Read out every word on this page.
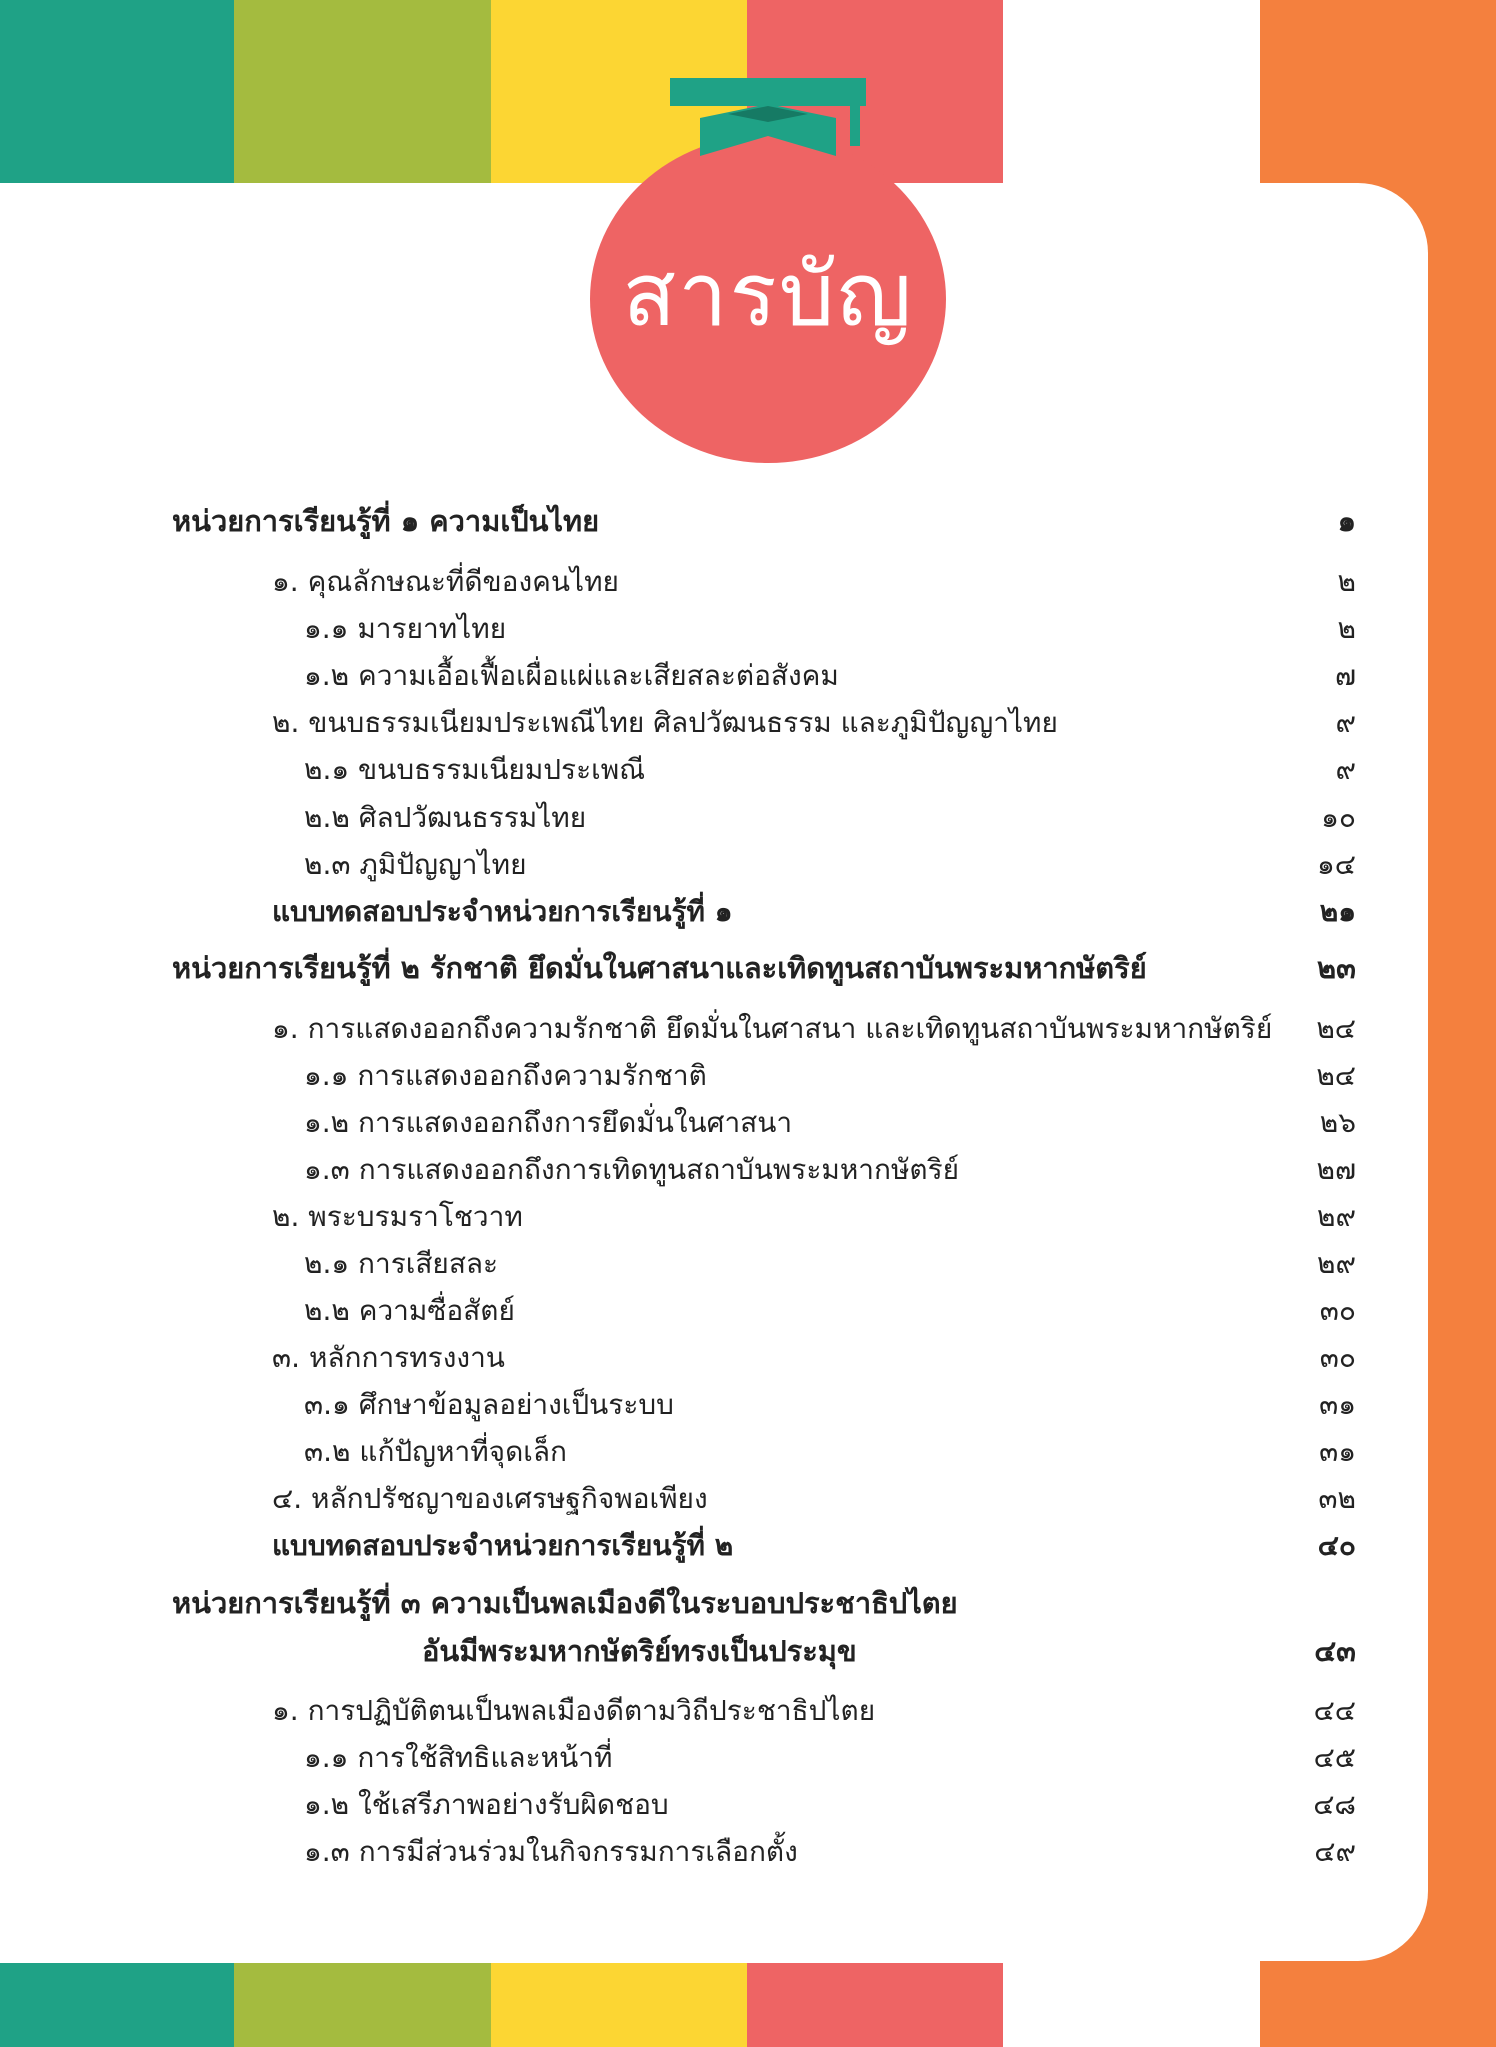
สารบัญ
หน่วยการเรียนรู้ที่ ๑ ความเป็นไทย	๑
๑. คุณลักษณะที่ดีของคนไทย	๒
๑.๑ มารยาทไทย	๒
๑.๒ ความเอื้อเฟื้อเผื่อแผ่และเสียสละต่อสังคม	๗
๒. ขนบธรรมเนียมประเพณีไทย ศิลปวัฒนธรรม และภูมิปัญญาไทย	๙
๒.๑ ขนบธรรมเนียมประเพณี	๙
๒.๒ ศิลปวัฒนธรรมไทย	๑๐
๒.๓ ภูมิปัญญาไทย	๑๔
แบบทดสอบประจำหน่วยการเรียนรู้ที่ ๑	๒๑
หน่วยการเรียนรู้ที่ ๒ รักชาติ ยึดมั่นในศาสนาและเทิดทูนสถาบันพระมหากษัตริย์	๒๓
๑. การแสดงออกถึงความรักชาติ ยึดมั่นในศาสนา และเทิดทูนสถาบันพระมหากษัตริย์ ๒๔
๑.๑ การแสดงออกถึงความรักชาติ	๒๔
๑.๒ การแสดงออกถึงการยึดมั่นในศาสนา	๒๖
๑.๓ การแสดงออกถึงการเทิดทูนสถาบันพระมหากษัตริย์	๒๗
๒. พระบรมราโชวาท	๒๙
๒.๑ การเสียสละ	๒๙
๒.๒ ความซื่อสัตย์	๓๐
๓. หลักการทรงงาน	๓๐
๓.๑ ศึกษาข้อมูลอย่างเป็นระบบ	๓๑
๓.๒ แก้ปัญหาที่จุดเล็ก	๓๑
๔. หลักปรัชญาของเศรษฐกิจพอเพียง	๓๒
แบบทดสอบประจำหน่วยการเรียนรู้ที่ ๒	๔๐
หน่วยการเรียนรู้ที่ ๓ ความเป็นพลเมืองดีในระบอบประชาธิปไตย
อันมีพระมหากษัตริย์ทรงเป็นประมุข	๔๓
๑. การปฏิบัติตนเป็นพลเมืองดีตามวิถีประชาธิปไตย	๔๔
๑.๑ การใช้สิทธิและหน้าที่	๔๕
๑.๒ ใช้เสรีภาพอย่างรับผิดชอบ	๔๘
๑.๓ การมีส่วนร่วมในกิจกรรมการเลือกตั้ง	๔๙
